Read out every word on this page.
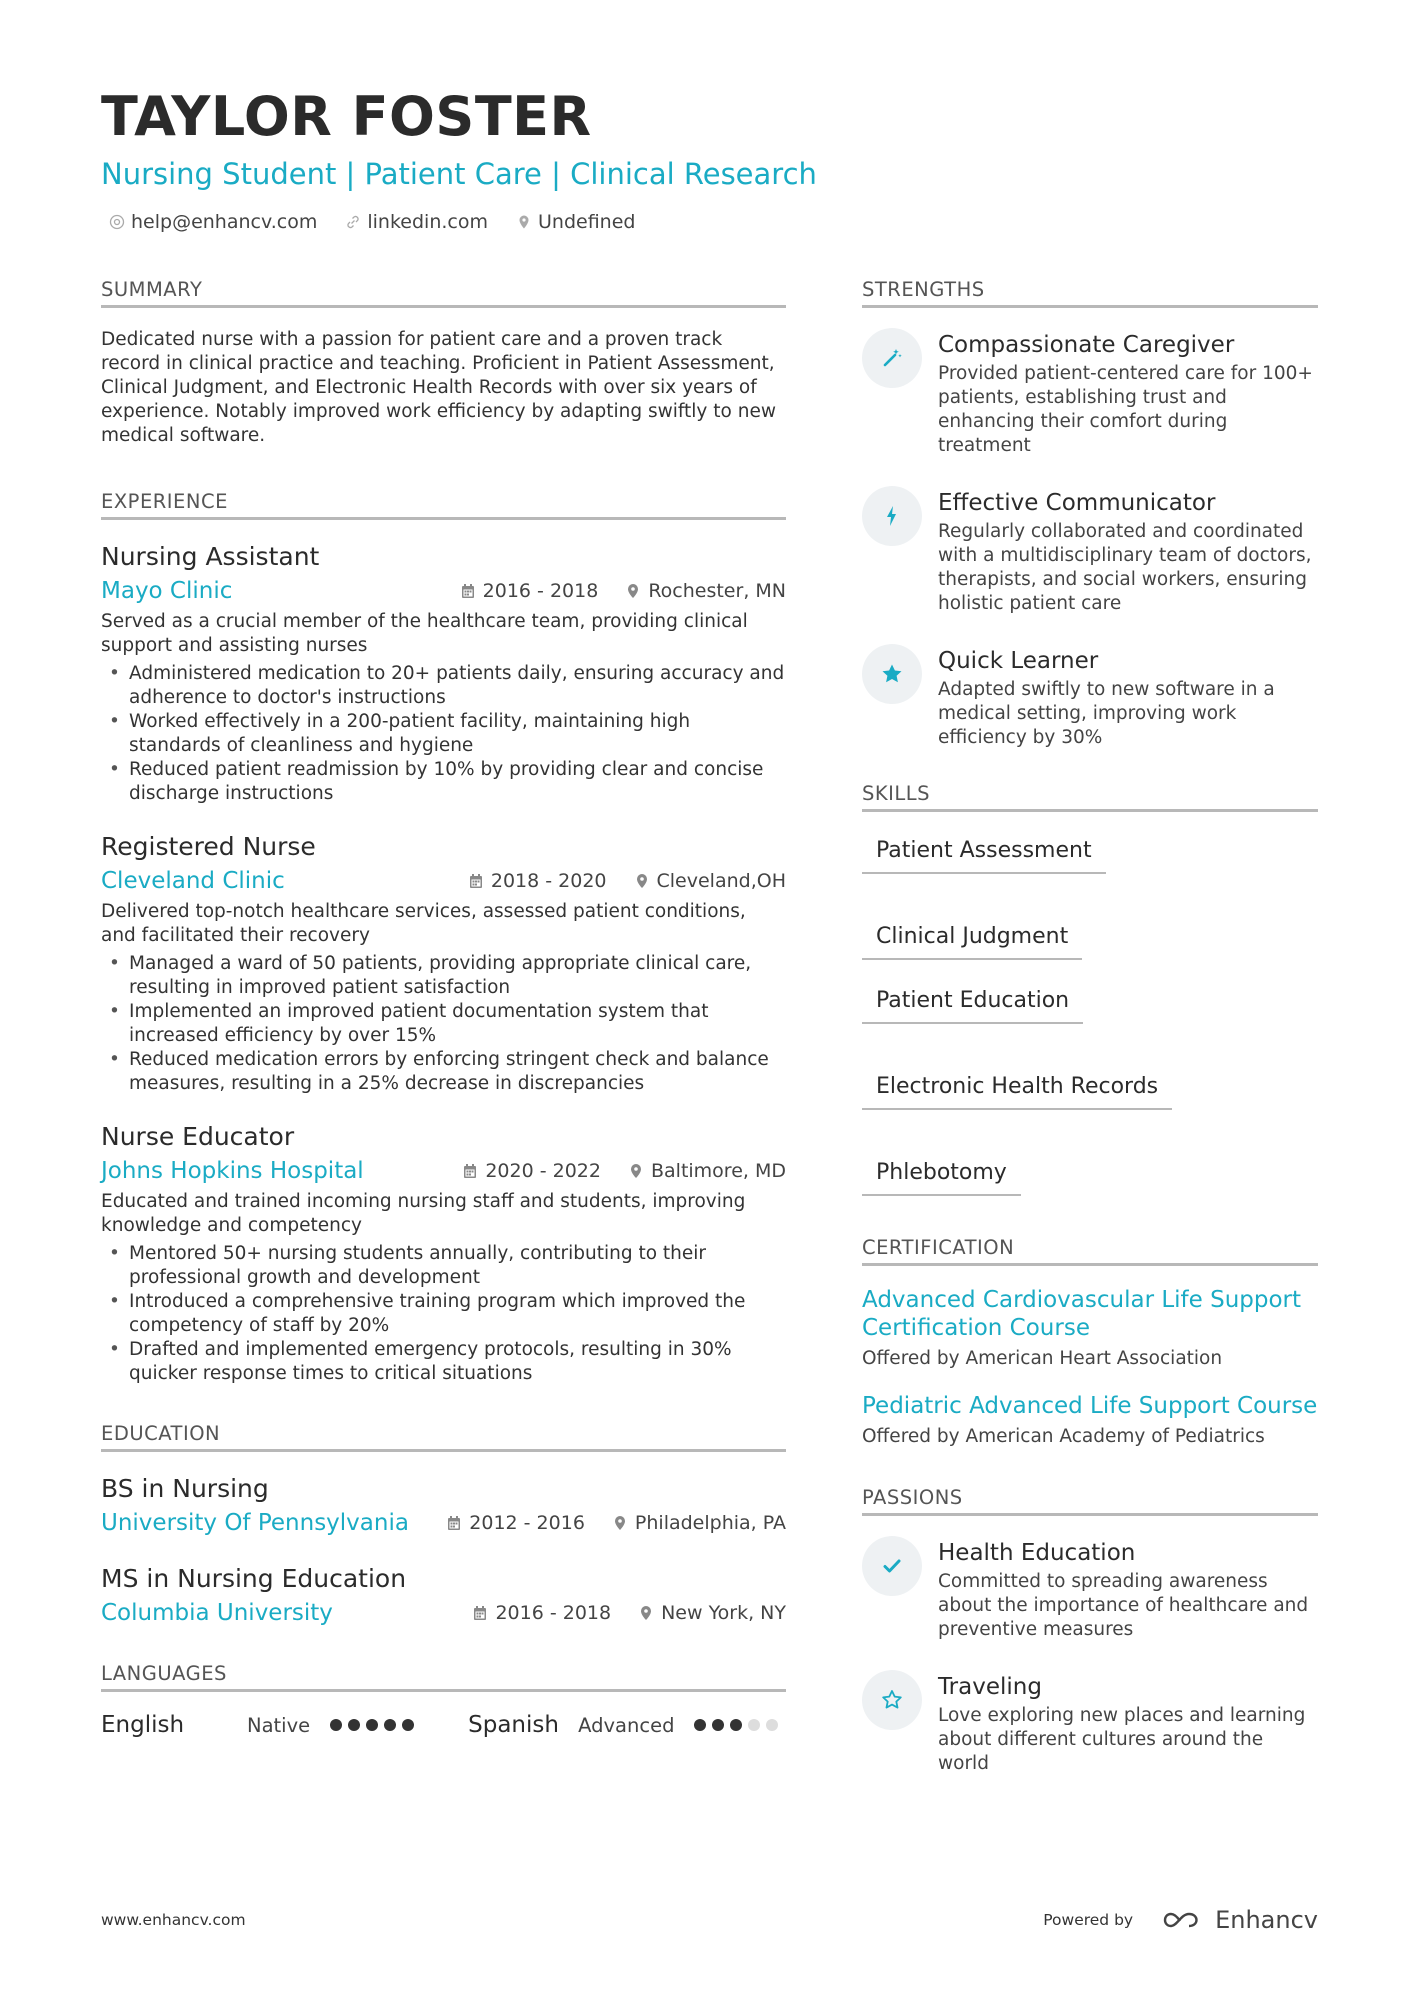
TAYLOR FOSTER
Nursing Student | Patient Care | Clinical Research
help@enhancv.com	linkedin.com	Undefined
SUMMARY
Dedicated nurse with a passion for patient care and a proven track record in clinical practice and teaching. Proficient in Patient Assessment, Clinical Judgment, and Electronic Health Records with over six years of experience. Notably improved work efficiency by adapting swiftly to new medical software.
EXPERIENCE
Nursing Assistant
Mayo Clinic	2016 - 2018	Rochester, MN
Served as a crucial member of the healthcare team, providing clinical support and assisting nurses
• Administered medication to 20+ patients daily, ensuring accuracy and adherence to doctor's instructions
• Worked effectively in a 200-patient facility, maintaining high standards of cleanliness and hygiene
• Reduced patient readmission by 10% by providing clear and concise discharge instructions
Registered Nurse
Cleveland Clinic	2018 - 2020	Cleveland,OH
Delivered top-notch healthcare services, assessed patient conditions, and facilitated their recovery
• Managed a ward of 50 patients, providing appropriate clinical care, resulting in improved patient satisfaction
• Implemented an improved patient documentation system that increased efficiency by over 15%
• Reduced medication errors by enforcing stringent check and balance measures, resulting in a 25% decrease in discrepancies
Nurse Educator
Johns Hopkins Hospital	2020 - 2022	Baltimore, MD
Educated and trained incoming nursing staff and students, improving knowledge and competency
• Mentored 50+ nursing students annually, contributing to their professional growth and development
• Introduced a comprehensive training program which improved the competency of staff by 20%
• Drafted and implemented emergency protocols, resulting in 30% quicker response times to critical situations
EDUCATION
BS in Nursing
University Of Pennsylvania	2012 - 2016	Philadelphia, PA
MS in Nursing Education
Columbia University	2016 - 2018	New York, NY
LANGUAGES
English	Native	Spanish Advanced
STRENGTHS
Compassionate Caregiver
Provided patient-centered care for 100+ patients, establishing trust and enhancing their comfort during treatment
Effective Communicator
Regularly collaborated and coordinated with a multidisciplinary team of doctors, therapists, and social workers, ensuring holistic patient care
Quick Learner
Adapted swiftly to new software in a medical setting, improving work efficiency by 30%
SKILLS
Patient Assessment
Clinical Judgment
Patient Education
Electronic Health Records
Phlebotomy
CERTIFICATION
Advanced Cardiovascular Life Support Certification Course
Offered by American Heart Association
Pediatric Advanced Life Support Course
Offered by American Academy of Pediatrics
PASSIONS
Health Education
Committed to spreading awareness about the importance of healthcare and preventive measures
Traveling
Love exploring new places and learning about different cultures around the world
www.enhancv.com	Powered by	Enhancv
